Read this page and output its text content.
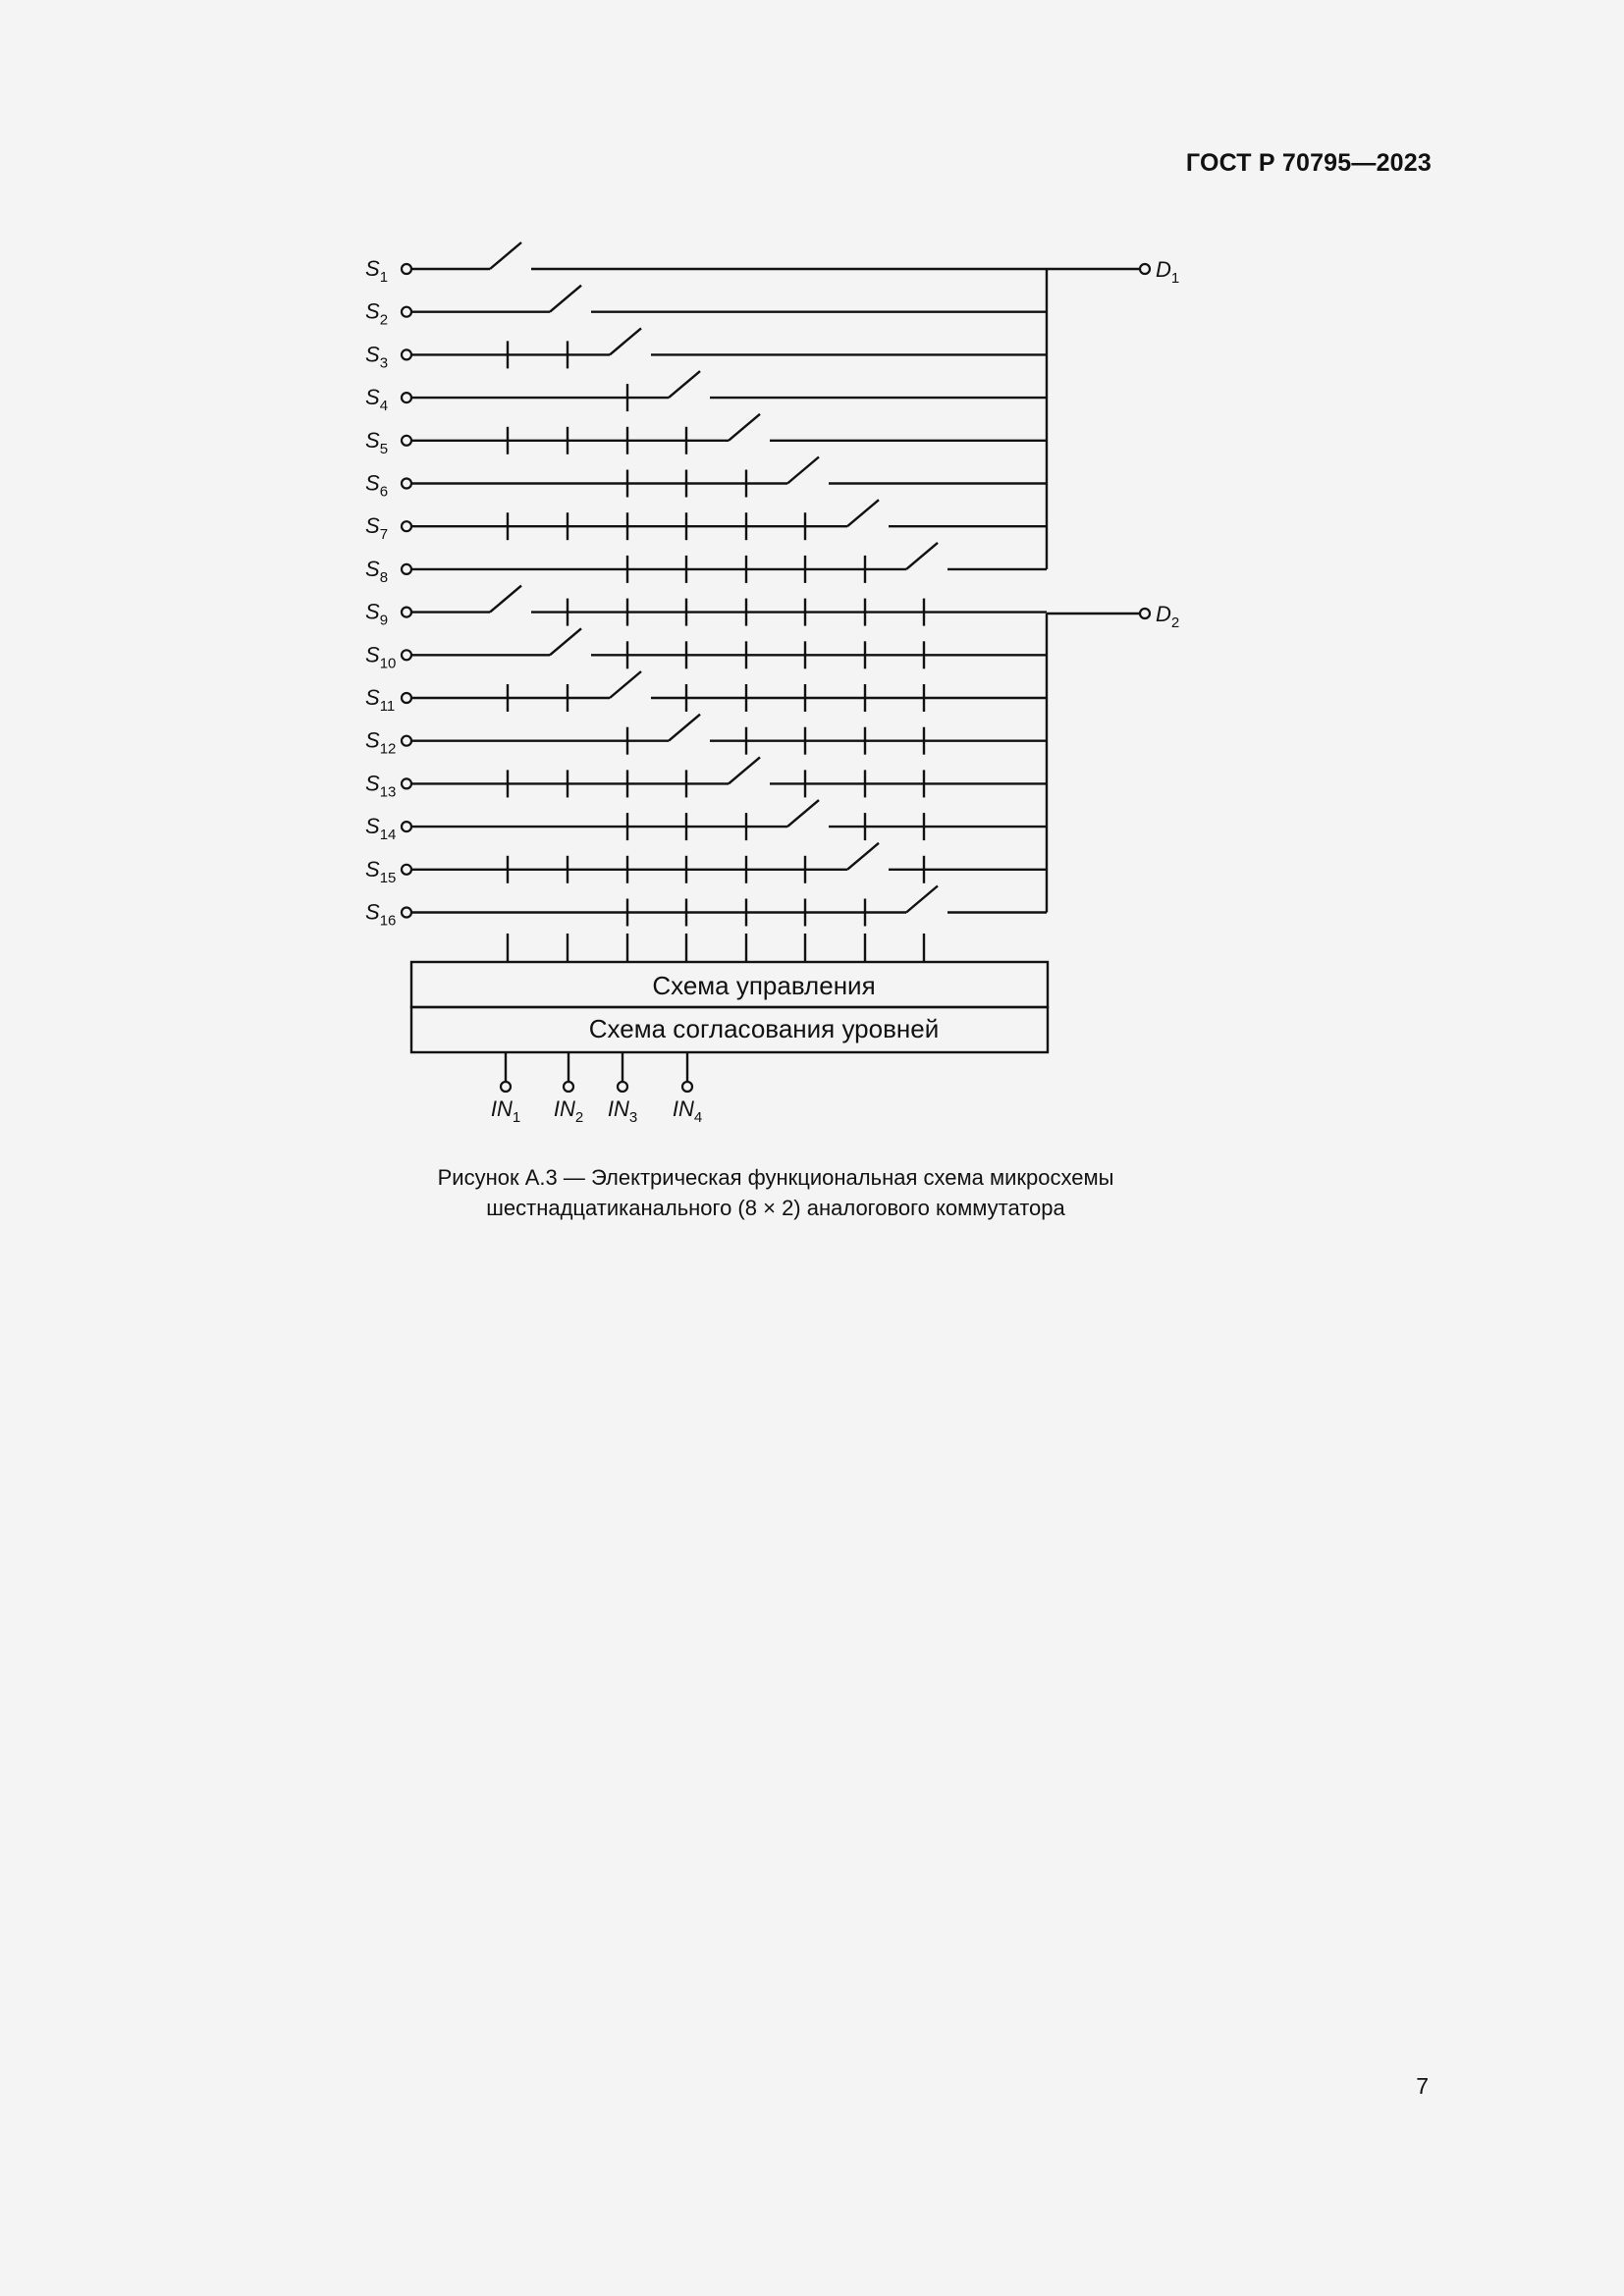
ГОСТ Р 70795—2023
$S_1$
$S_2$
$S_3$
$S_4$
$S_5$
$S_6$
$S_7$
$S_8$
$S_9$
$S_{10}$
$S_{11}$
$S_{12}$
$S_{13}$
$S_{14}$
$S_{15}$
$S_{16}$
$D_1$
$D_2$
$IN_1$ $IN_2$ $IN_3$ $IN_4$
Схема управления
Схема согласования уровней
Рисунок А.3 — Электрическая функциональная схема микросхемы
шестнадцатиканального (8 × 2) аналогового коммутатора
7
